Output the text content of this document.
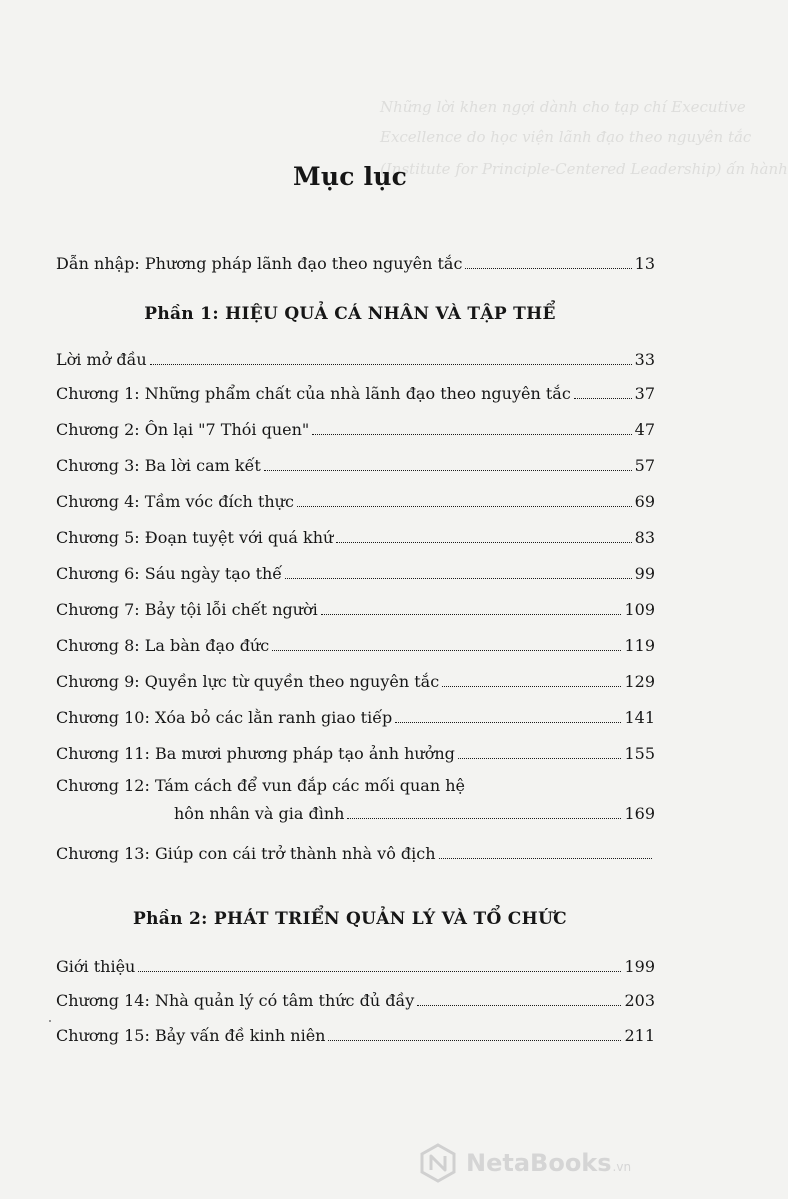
Những lời khen ngợi dành cho tạp chí Executive
Excellence do học viện lãnh đạo theo nguyên tắc
(Institute for Principle-Centered Leadership) ấn hành
Mục lục
Dẫn nhập: Phương pháp lãnh đạo theo nguyên tắc	13
Phần 1: HIỆU QUẢ CÁ NHÂN VÀ TẬP THỂ
Lời mở đầu	33
Chương 1: Những phẩm chất của nhà lãnh đạo theo nguyên tắc	37
Chương 2: Ôn lại "7 Thói quen"	47
Chương 3: Ba lời cam kết	57
Chương 4: Tầm vóc đích thực	69
Chương 5: Đoạn tuyệt với quá khứ	83
Chương 6: Sáu ngày tạo thế	99
Chương 7: Bảy tội lỗi chết người	109
Chương 8: La bàn đạo đức	119
Chương 9: Quyền lực từ quyền theo nguyên tắc	129
Chương 10: Xóa bỏ các lằn ranh giao tiếp	141
Chương 11: Ba mươi phương pháp tạo ảnh hưởng	155
Chương 12: Tám cách để vun đắp các mối quan hệ
hôn nhân và gia đình	169
Chương 13: Giúp con cái trở thành nhà vô địch
Phần 2: PHÁT TRIỂN QUẢN LÝ VÀ TỔ CHỨC
Giới thiệu	199
Chương 14: Nhà quản lý có tâm thức đủ đầy	203
Chương 15: Bảy vấn đề kinh niên	211
NetaBooks.vn
